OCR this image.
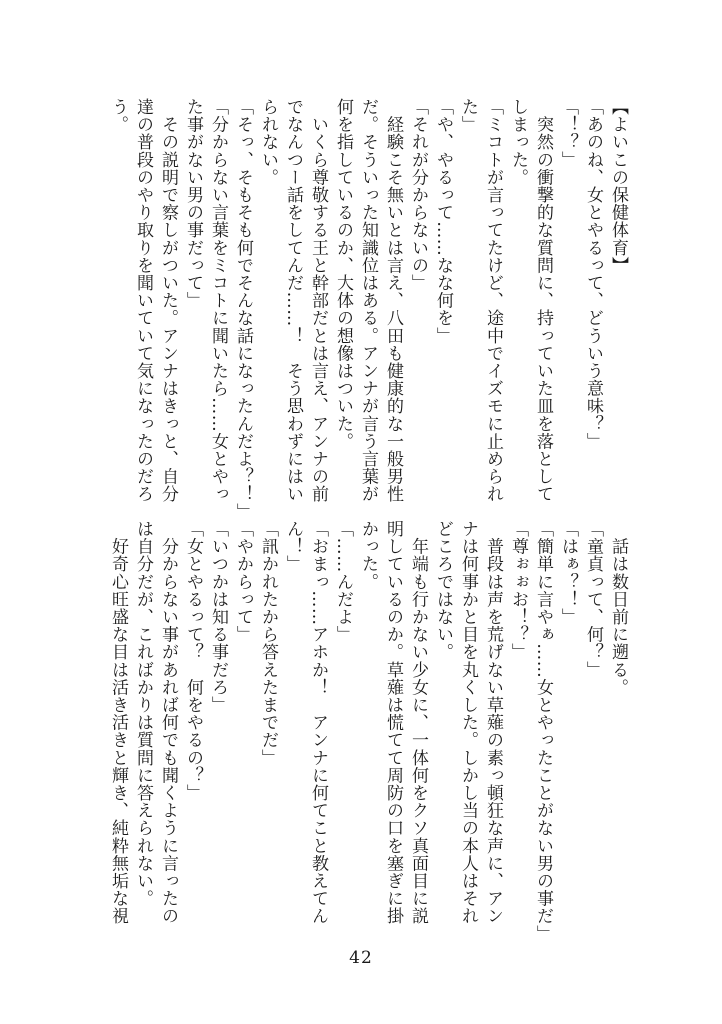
【よいこの保健体育】
「あのね、女とやるって、どういう意味？」
「！？」
　突然の衝撃的な質問に、持っていた皿を落として
しまった。
「ミコトが言ってたけど、途中でイズモに止められ
た」
「や、やるって……なな何を」
「それが分からないの」
　経験こそ無いとは言え、八田も健康的な一般男性
だ。そういった知識位はある。アンナが言う言葉が
何を指しているのか、大体の想像はついた。
　いくら尊敬する王と幹部だとは言え、アンナの前
でなんつー話をしてんだ……！　そう思わずにはい
られない。
「そっ、そもそも何でそんな話になったんだよ？！」
「分からない言葉をミコトに聞いたら……女とやっ
た事がない男の事だって」
　その説明で察しがついた。アンナはきっと、自分
達の普段のやり取りを聞いていて気になったのだろ
う。
　話は数日前に遡る。
「童貞って、何？」
「はぁ？！」
「簡単に言やぁ……女とやったことがない男の事だ」
「尊ぉぉお！？」
　普段は声を荒げない草薙の素っ頓狂な声に、アン
ナは何事かと目を丸くした。しかし当の本人はそれ
どころではない。
　年端も行かない少女に、一体何をクソ真面目に説
明しているのか。草薙は慌てて周防の口を塞ぎに掛
かった。
「……んだよ」
「おまっ……アホか！　アンナに何てこと教えてん
ん！」
「訊かれたから答えたまでだ」
「やからって」
「いつかは知る事だろ」
「女とやるって？　何をやるの？」
　分からない事があれば何でも聞くように言ったの
は自分だが、こればかりは質問に答えられない。
　好奇心旺盛な目は活き活きと輝き、純粋無垢な視
42
